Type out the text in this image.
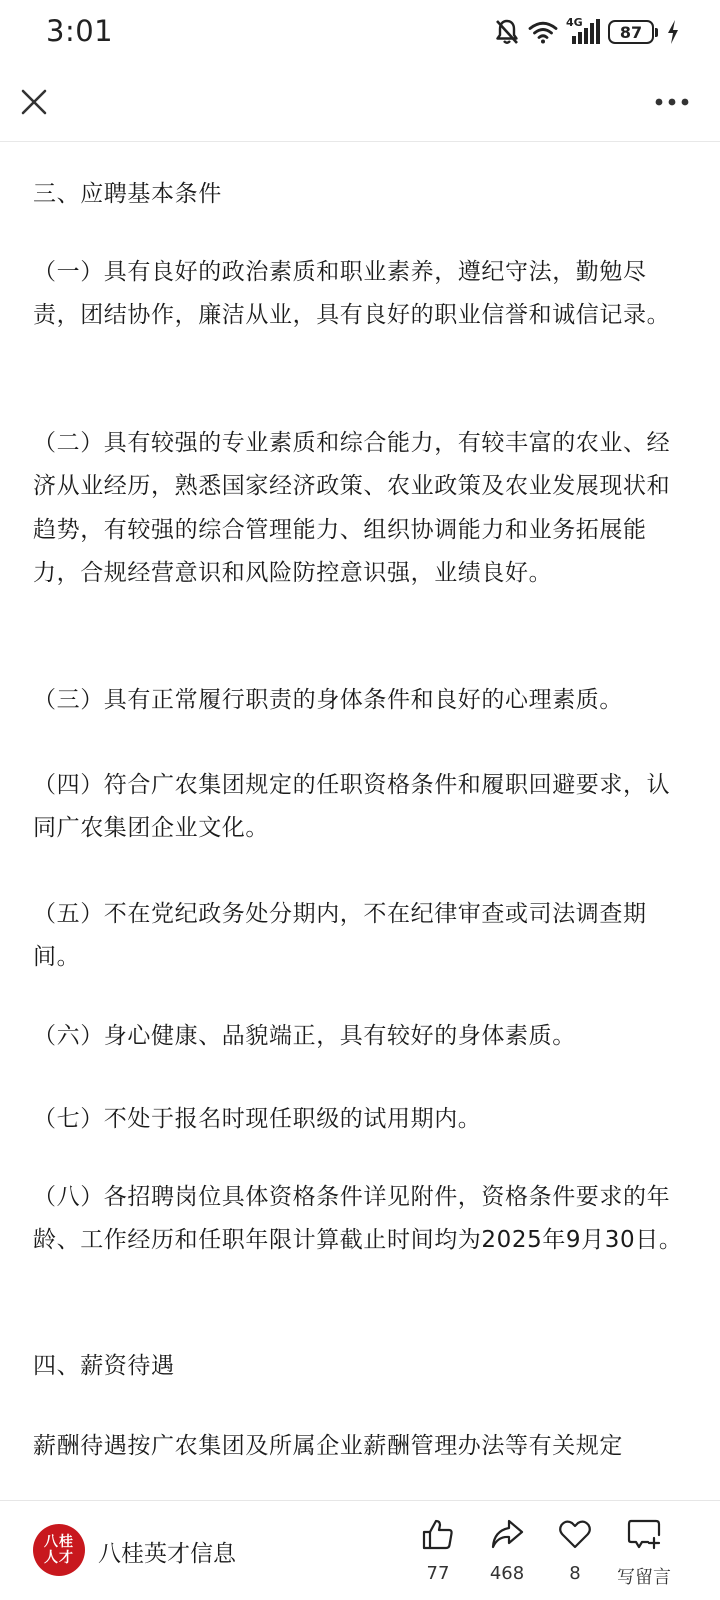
3:01	4G	87

三、应聘基本条件

（一）具有良好的政治素质和职业素养，遵纪守法，勤勉尽责，团结协作，廉洁从业，具有良好的职业信誉和诚信记录。

（二）具有较强的专业素质和综合能力，有较丰富的农业、经济从业经历，熟悉国家经济政策、农业政策及农业发展现状和趋势，有较强的综合管理能力、组织协调能力和业务拓展能力，合规经营意识和风险防控意识强，业绩良好。

（三）具有正常履行职责的身体条件和良好的心理素质。

（四）符合广农集团规定的任职资格条件和履职回避要求，认同广农集团企业文化。

（五）不在党纪政务处分期内，不在纪律审查或司法调查期间。

（六）身心健康、品貌端正，具有较好的身体素质。

（七）不处于报名时现任职级的试用期内。

（八）各招聘岗位具体资格条件详见附件，资格条件要求的年龄、工作经历和任职年限计算截止时间均为2025年9月30日。

四、薪资待遇

薪酬待遇按广农集团及所属企业薪酬管理办法等有关规定

八桂
人才 八桂英才信息
77 468	8 写留言
